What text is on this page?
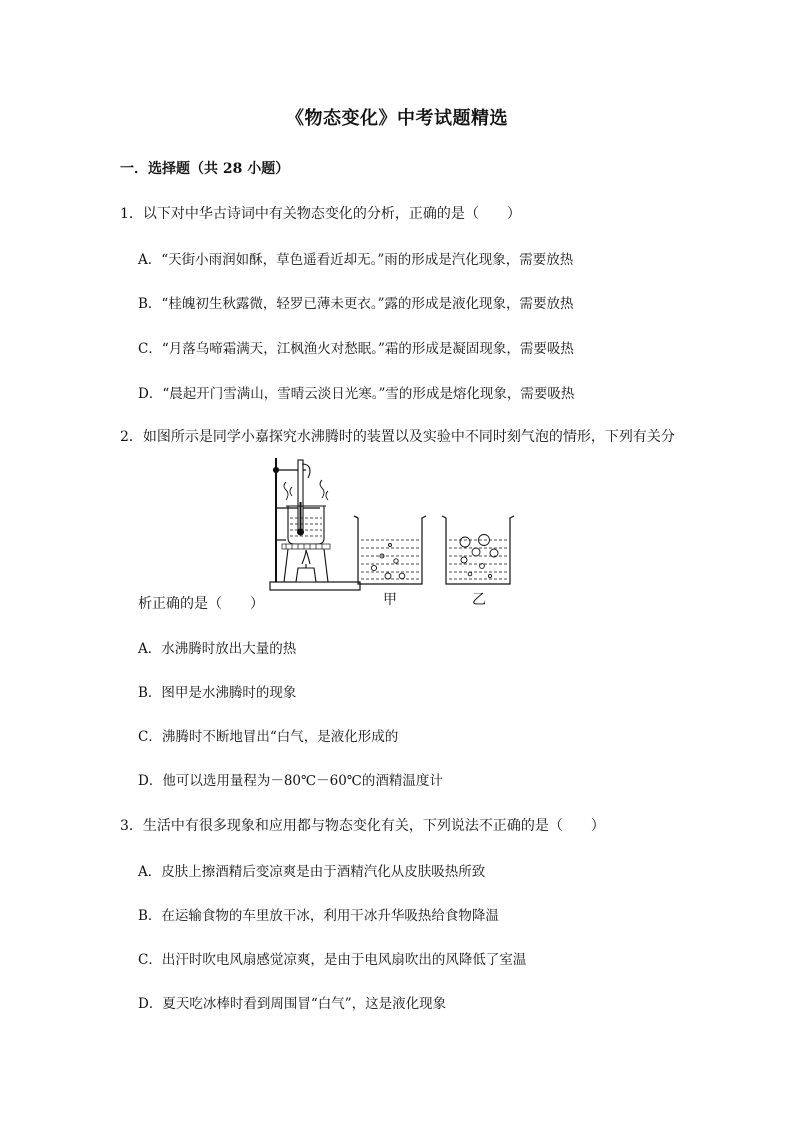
《物态变化》中考试题精选
一．选择题（共 28 小题）
1．以下对中华古诗词中有关物态变化的分析，正确的是（　　）
A．“天街小雨润如酥，草色遥看近却无。”雨的形成是汽化现象，需要放热
B．“桂魄初生秋露微，轻罗已薄未更衣。”露的形成是液化现象，需要放热
C．“月落乌啼霜满天，江枫渔火对愁眠。”霜的形成是凝固现象，需要吸热
D．“晨起开门雪满山，雪晴云淡日光寒。”雪的形成是熔化现象，需要吸热
2．如图所示是同学小嘉探究水沸腾时的装置以及实验中不同时刻气泡的情形，下列有关分
甲	乙
析正确的是（　　）
A．水沸腾时放出大量的热
B．图甲是水沸腾时的现象
C．沸腾时不断地冒出“白气，是液化形成的
D．他可以选用量程为－80℃－60℃的酒精温度计
3．生活中有很多现象和应用都与物态变化有关，下列说法不正确的是（　　）
A．皮肤上擦酒精后变凉爽是由于酒精汽化从皮肤吸热所致
B．在运输食物的车里放干冰，利用干冰升华吸热给食物降温
C．出汗时吹电风扇感觉凉爽，是由于电风扇吹出的风降低了室温
D．夏天吃冰棒时看到周围冒“白气”，这是液化现象
